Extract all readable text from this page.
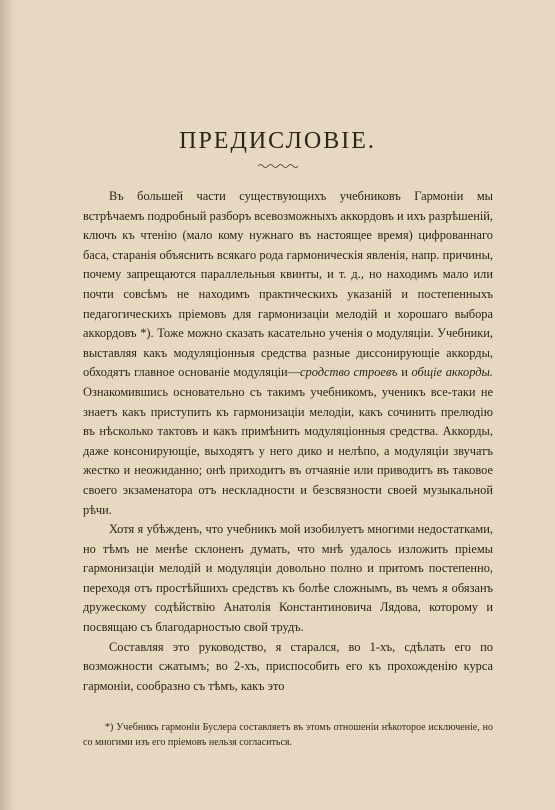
ПРЕДИСЛОВІЕ.

Въ большей части существующихъ учебниковъ Гармоніи мы встрѣчаемъ подробный разборъ всевозможныхъ аккордовъ и ихъ разрѣшеній, ключъ къ чтенію (мало кому нужнаго въ настоящее время) цифрованнаго баса, старанія объяснить всякаго рода гармоническія явленія, напр. причины, почему запрещаются параллельныя квинты, и т. д., но находимъ мало или почти совсѣмъ не находимъ практическихъ указаній и постепенныхъ педагогическихъ пріемовъ для гармонизаціи мелодій и хорошаго выбора аккордовъ *). Тоже можно сказать касательно ученія о модуляціи. Учебники, выставляя какъ модуляціонныя средства разные диссонирующіе аккорды, обходятъ главное основаніе модуляціи—сродство строевъ и общіе аккорды. Ознакомившись основательно съ такимъ учебникомъ, ученикъ все-таки не знаетъ какъ приступить къ гармонизаціи мелодіи, какъ сочинить прелюдію въ нѣсколько тактовъ и какъ примѣнить модуляціонныя средства. Аккорды, даже консонирующіе, выходятъ у него дико и нелѣпо, а модуляціи звучатъ жестко и неожиданно; онѣ приходитъ въ отчаяніе или приводитъ въ таковое своего экзаменатора отъ нескладности и безсвязности своей музыкальной рѣчи.

Хотя я убѣжденъ, что учебникъ мой изобилуетъ многими недостатками, но тѣмъ не менѣе склоненъ думать, что мнѣ удалось изложить пріемы гармонизаціи мелодій и модуляціи довольно полно и притомъ постепенно, переходя отъ простѣйшихъ средствъ къ болѣе сложнымъ, въ чемъ я обязанъ дружескому содѣйствію Анатолія Константиновича Лядова, которому и посвящаю съ благодарностью свой трудъ.

Составляя это руководство, я старался, во 1-хъ, сдѣлать его по возможности сжатымъ; во 2-хъ, приспособить его къ прохожденію курса гармоніи, сообразно съ тѣмъ, какъ это

*) Учебникъ гармоніи Буслера составляетъ въ этомъ отношеніи нѣкоторое исключеніе, но со многими изъ его пріемовъ нельзя согласиться.
